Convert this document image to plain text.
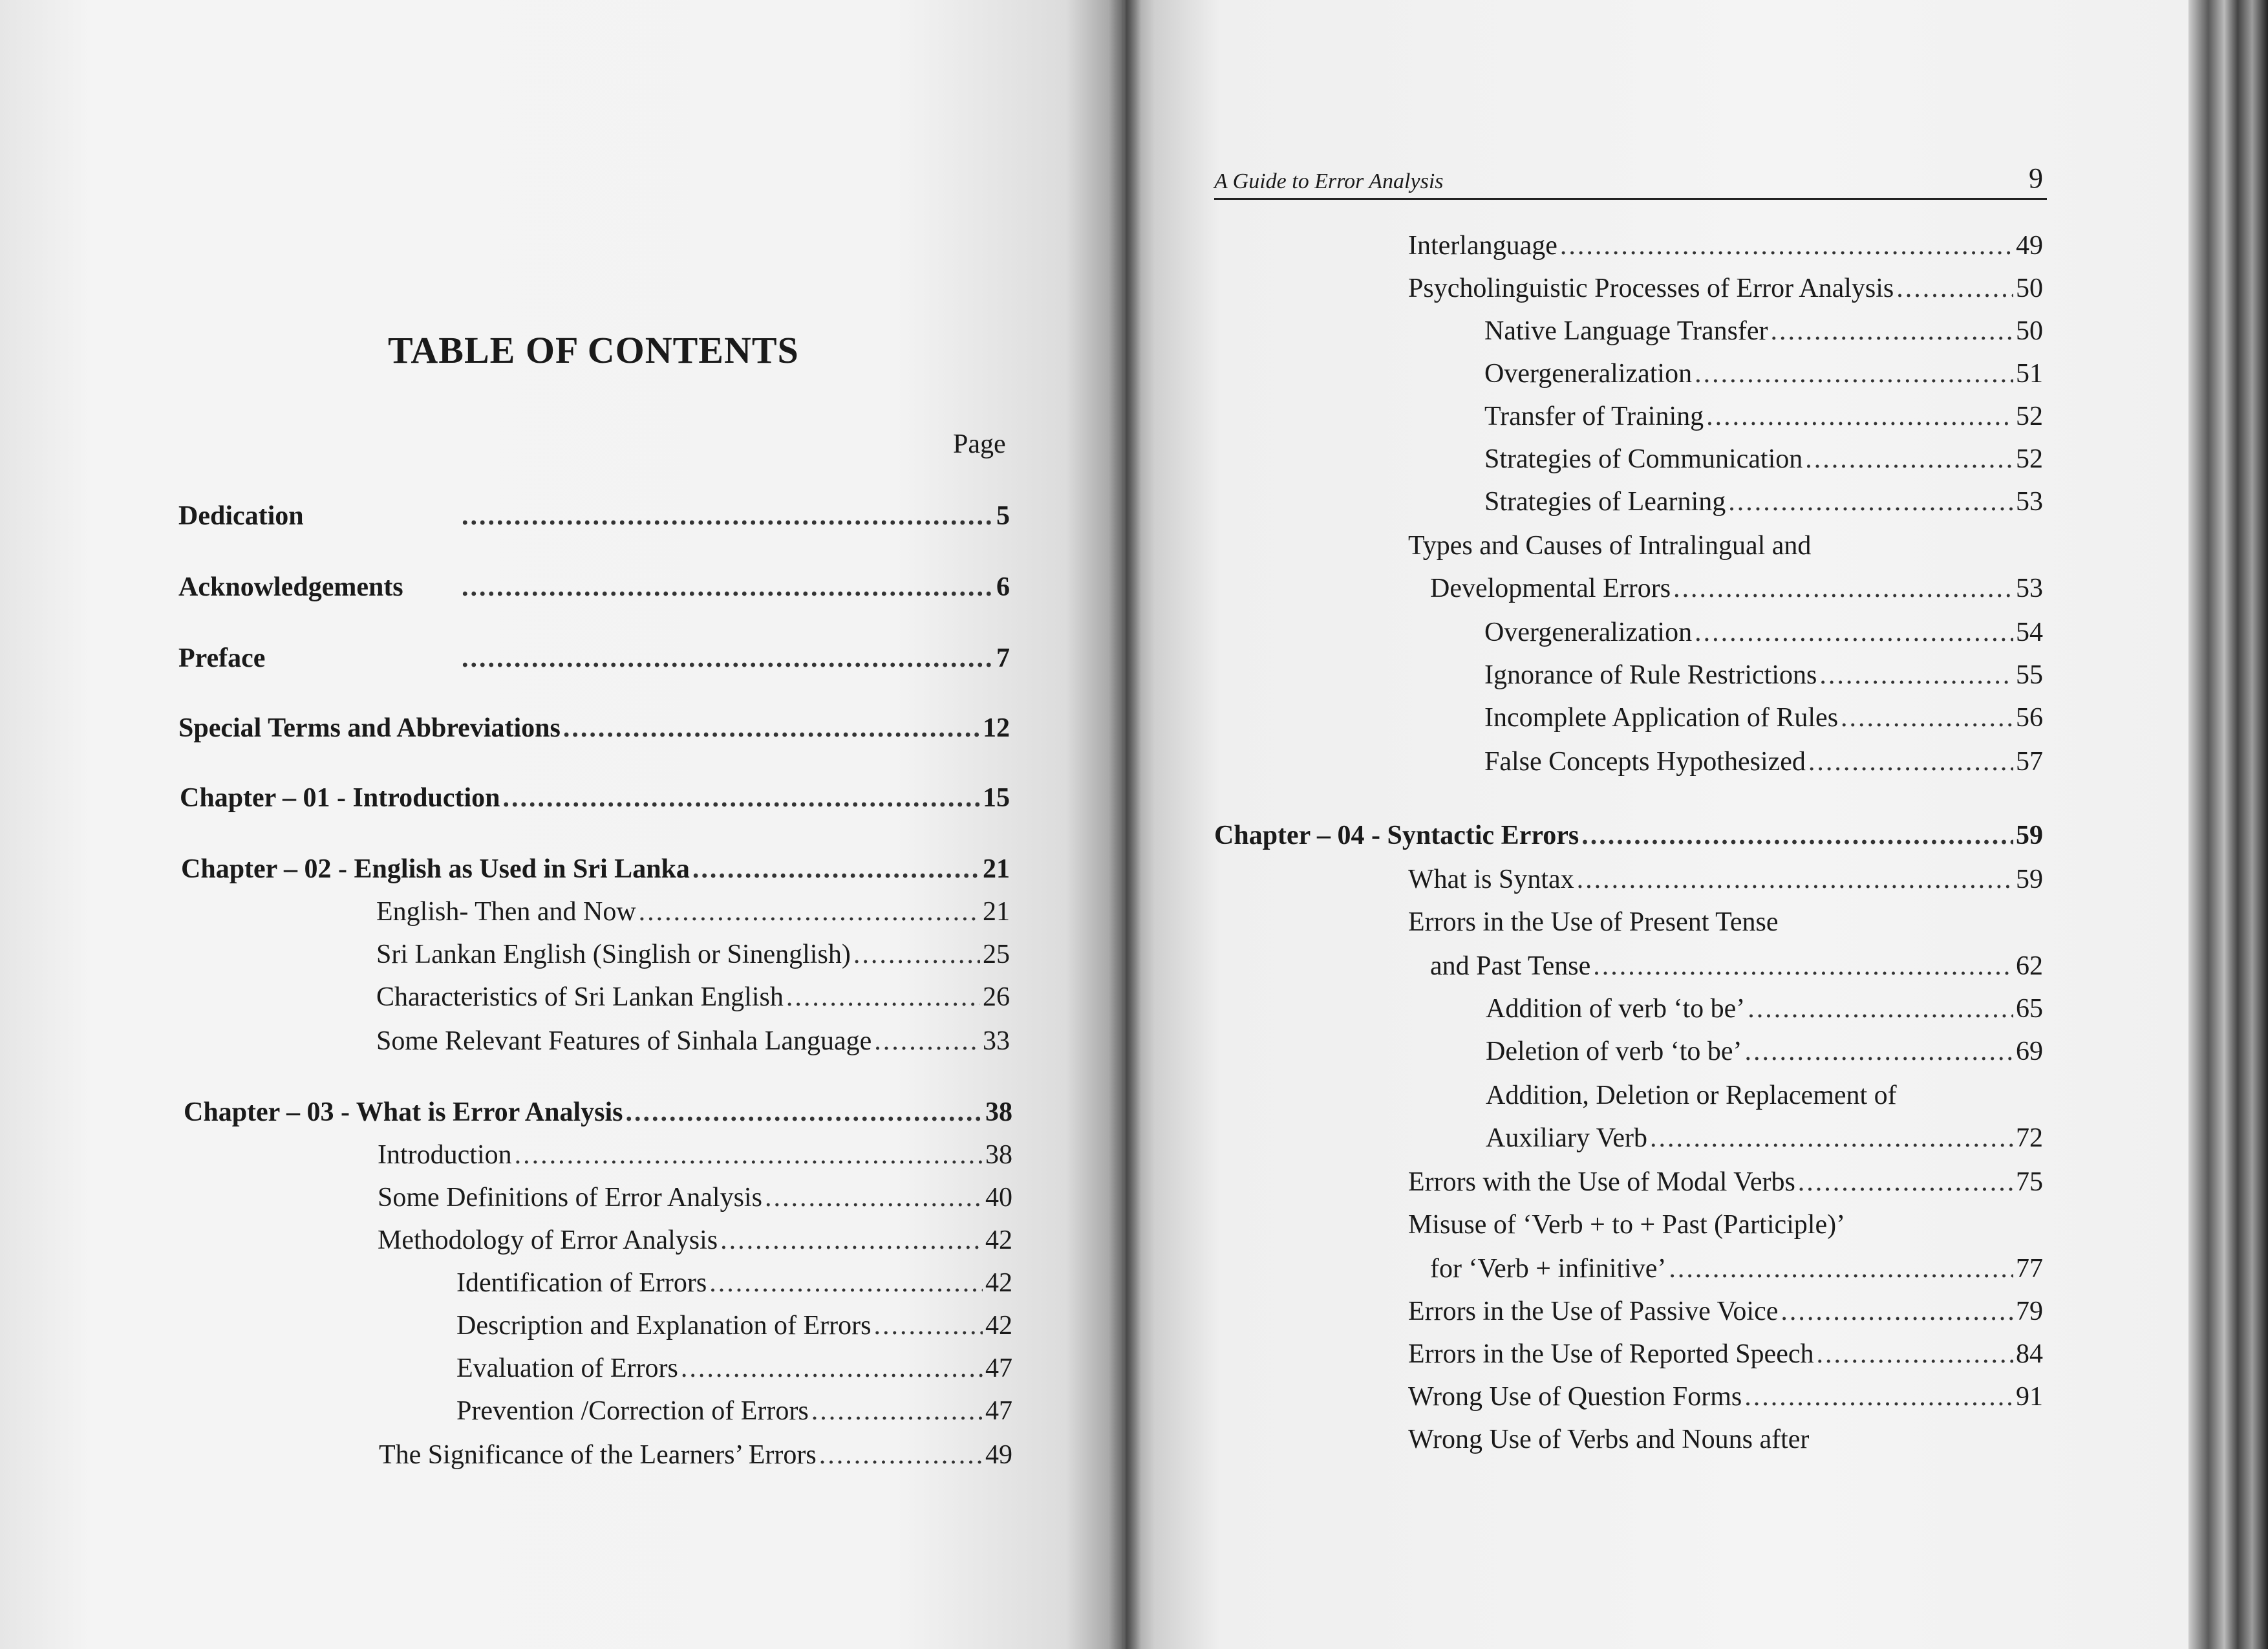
TABLE OF CONTENTS
Page
Dedication .....	5
Acknowledgements .....	6
Preface .....	7
Special Terms and Abbreviations .....	12
Chapter – 01 - Introduction .....	15
Chapter – 02 - English as Used in Sri Lanka .....	21
English- Then and Now .....	21
Sri Lankan English (Singlish or Sinenglish) .....	25
Characteristics of Sri Lankan English .....	26
Some Relevant Features of Sinhala Language .....	33
Chapter – 03 - What is Error Analysis .....	38
Introduction .....	38
Some Definitions of Error Analysis .....	40
Methodology of Error Analysis .....	42
Identification of Errors .....	42
Description and Explanation of Errors .....	42
Evaluation of Errors .....	47
Prevention /Correction of Errors .....	47
The Significance of the Learners’ Errors .....	49
A Guide to Error Analysis	9
Interlanguage .....	49
Psycholinguistic Processes of Error Analysis .....	50
Native Language Transfer .....	50
Overgeneralization .....	51
Transfer of Training .....	52
Strategies of Communication .....	52
Strategies of Learning .....	53
Types and Causes of Intralingual and
Developmental Errors .....	53
Overgeneralization .....	54
Ignorance of Rule Restrictions .....	55
Incomplete Application of Rules .....	56
False Concepts Hypothesized .....	57
Chapter – 04 - Syntactic Errors .....	59
What is Syntax .....	59
Errors in the Use of Present Tense
and Past Tense .....	62
Addition of verb ‘to be’ .....	65
Deletion of verb ‘to be’ .....	69
Addition, Deletion or Replacement of
Auxiliary Verb .....	72
Errors with the Use of Modal Verbs .....	75
Misuse of ‘Verb + to + Past (Participle)’
for ‘Verb + infinitive’ .....	77
Errors in the Use of Passive Voice .....	79
Errors in the Use of Reported Speech .....	84
Wrong Use of Question Forms .....	91
Wrong Use of Verbs and Nouns after
